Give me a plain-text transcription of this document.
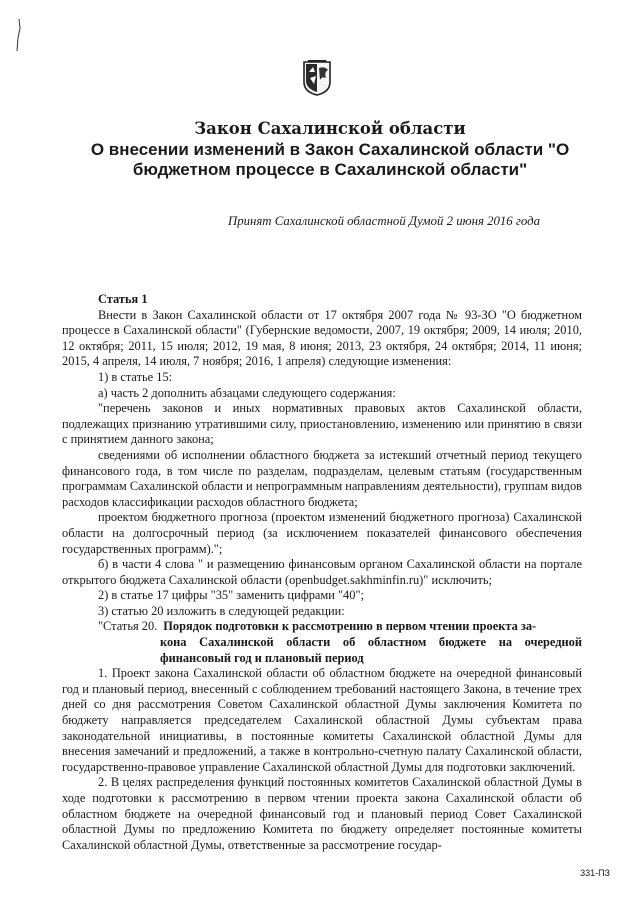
Закон Сахалинской области

О внесении изменений в Закон Сахалинской области "О бюджетном процессе в Сахалинской области"

Принят Сахалинской областной Думой 2 июня 2016 года

Статья 1

Внести в Закон Сахалинской области от 17 октября 2007 года № 93-ЗО "О бюджетном процессе в Сахалинской области" (Губернские ведомости, 2007, 19 октября; 2009, 14 июля; 2010, 12 октября; 2011, 15 июля; 2012, 19 мая, 8 июня; 2013, 23 октября, 24 октября; 2014, 11 июня; 2015, 4 апреля, 14 июля, 7 ноября; 2016, 1 апреля) следующие изменения:

1) в статье 15:

а) часть 2 дополнить абзацами следующего содержания:

"перечень законов и иных нормативных правовых актов Сахалинской области, подлежащих признанию утратившими силу, приостановлению, изменению или принятию в связи с принятием данного закона;

сведениями об исполнении областного бюджета за истекший отчетный период текущего финансового года, в том числе по разделам, подразделам, целевым статьям (государственным программам Сахалинской области и непрограммным направлениям деятельности), группам видов расходов классификации расходов областного бюджета;

проектом бюджетного прогноза (проектом изменений бюджетного прогноза) Сахалинской области на долгосрочный период (за исключением показателей финансового обеспечения государственных программ).";

б) в части 4 слова " и размещению финансовым органом Сахалинской области на портале открытого бюджета Сахалинской области (openbudget.sakhminfin.ru)" исключить;

2) в статье 17 цифры "35" заменить цифрами "40";

3) статью 20 изложить в следующей редакции:

"Статья 20. Порядок подготовки к рассмотрению в первом чтении проекта за-
кона Сахалинской области об областном бюджете на очередной финансовый год и плановый период

1. Проект закона Сахалинской области об областном бюджете на очередной финансовый год и плановый период, внесенный с соблюдением требований настоящего Закона, в течение трех дней со дня рассмотрения Советом Сахалинской областной Думы заключения Комитета по бюджету направляется председателем Сахалинской областной Думы субъектам права законодательной инициативы, в постоянные комитеты Сахалинской областной Думы для внесения замечаний и предложений, а также в контрольно-счетную палату Сахалинской области, государственно-правовое управление Сахалинской областной Думы для подготовки заключений.

2. В целях распределения функций постоянных комитетов Сахалинской областной Думы в ходе подготовки к рассмотрению в первом чтении проекта закона Сахалинской области об областном бюджете на очередной финансовый год и плановый период Совет Сахалинской областной Думы по предложению Комитета по бюджету определяет постоянные комитеты Сахалинской областной Думы, ответственные за рассмотрение государ-

331-ПЗ
